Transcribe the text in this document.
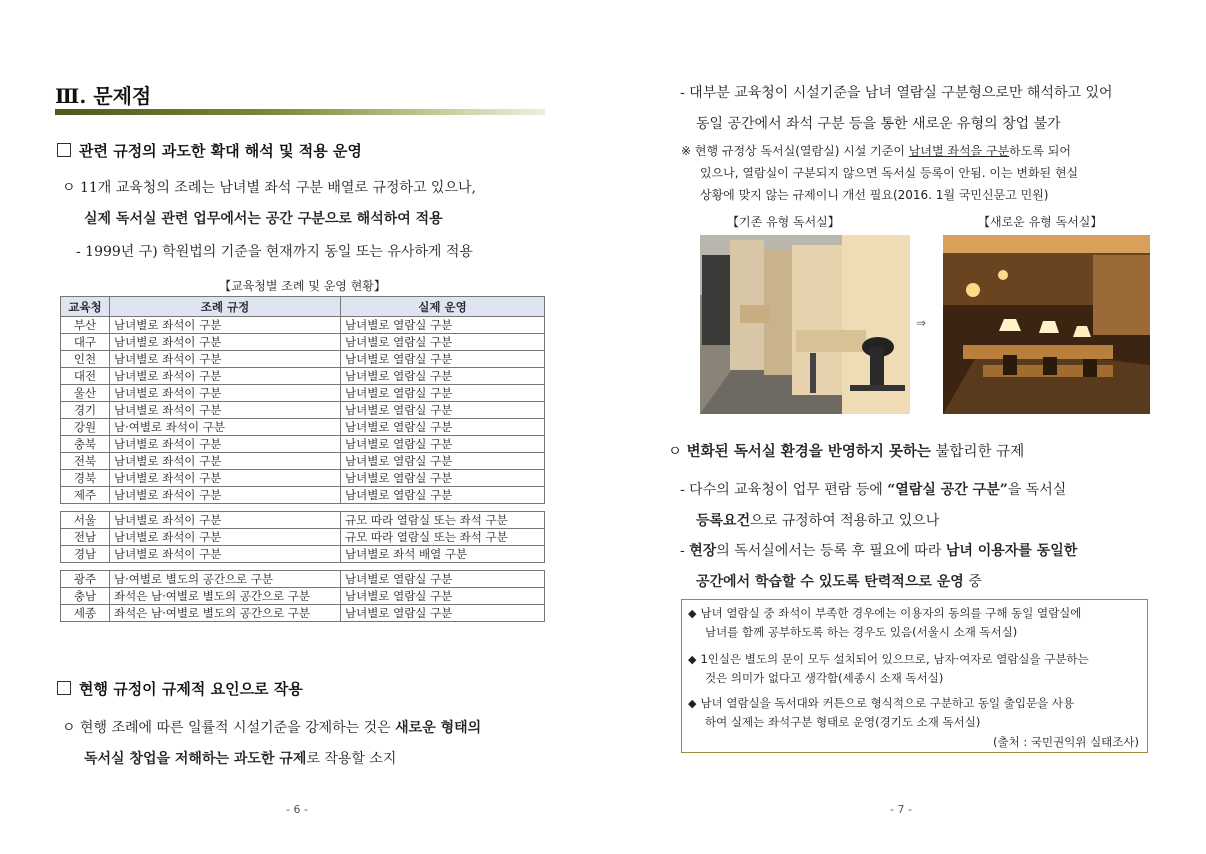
Ⅲ. 문제점
관련 규정의 과도한 확대 해석 및 적용 운영
ㅇ 11개 교육청의 조례는 남녀별 좌석 구분 배열로 규정하고 있으나,
실제 독서실 관련 업무에서는 공간 구분으로 해석하여 적용
- 1999년 구) 학원법의 기준을 현재까지 동일 또는 유사하게 적용
【교육청별 조례 및 운영 현황】
교육청	조례 규정	실제 운영
부산	남녀별로 좌석이 구분	남녀별로 열람실 구분
대구	남녀별로 좌석이 구분	남녀별로 열람실 구분
인천	남녀별로 좌석이 구분	남녀별로 열람실 구분
대전	남녀별로 좌석이 구분	남녀별로 열람실 구분
울산	남녀별로 좌석이 구분	남녀별로 열람실 구분
경기	남녀별로 좌석이 구분	남녀별로 열람실 구분
강원	남·여별로 좌석이 구분	남녀별로 열람실 구분
충북	남녀별로 좌석이 구분	남녀별로 열람실 구분
전북	남녀별로 좌석이 구분	남녀별로 열람실 구분
경북	남녀별로 좌석이 구분	남녀별로 열람실 구분
제주	남녀별로 좌석이 구분	남녀별로 열람실 구분

서울	남녀별로 좌석이 구분	규모 따라 열람실 또는 좌석 구분
전남	남녀별로 좌석이 구분	규모 따라 열람실 또는 좌석 구분
경남	남녀별로 좌석이 구분	남녀별로 좌석 배열 구분

광주	남·여별로 별도의 공간으로 구분	남녀별로 열람실 구분
충남	좌석은 남·여별로 별도의 공간으로 구분	남녀별로 열람실 구분
세종	좌석은 남·여별로 별도의 공간으로 구분	남녀별로 열람실 구분
현행 규정이 규제적 요인으로 작용
ㅇ 현행 조례에 따른 일률적 시설기준을 강제하는 것은 새로운 형태의
독서실 창업을 저해하는 과도한 규제로 작용할 소지
- 6 -
- 대부분 교육청이 시설기준을 남녀 열람실 구분형으로만 해석하고 있어
동일 공간에서 좌석 구분 등을 통한 새로운 유형의 창업 불가
※ 현행 규정상 독서실(열람실) 시설 기준이 남녀별 좌석을 구분하도록 되어
있으나, 열람실이 구분되지 않으면 독서실 등록이 안됨. 이는 변화된 현실
상황에 맞지 않는 규제이니 개선 필요(2016. 1월 국민신문고 민원)
【기존 유형 독서실】	【새로운 유형 독서실】
⇒
ㅇ 변화된 독서실 환경을 반영하지 못하는 불합리한 규제
- 다수의 교육청이 업무 편람 등에 “열람실 공간 구분”을 독서실
등록요건으로 규정하여 적용하고 있으나
- 현장의 독서실에서는 등록 후 필요에 따라 남녀 이용자를 동일한
공간에서 학습할 수 있도록 탄력적으로 운영 중
◆ 남녀 열람실 중 좌석이 부족한 경우에는 이용자의 동의를 구해 동일 열람실에
남녀를 함께 공부하도록 하는 경우도 있음(서울시 소재 독서실)
◆ 1인실은 별도의 문이 모두 설치되어 있으므로, 남자·여자로 열람실을 구분하는
것은 의미가 없다고 생각함(세종시 소재 독서실)
◆ 남녀 열람실을 독서대와 커튼으로 형식적으로 구분하고 동일 출입문을 사용
하여 실제는 좌석구분 형태로 운영(경기도 소재 독서실)
(출처 : 국민권익위 실태조사)
- 7 -
